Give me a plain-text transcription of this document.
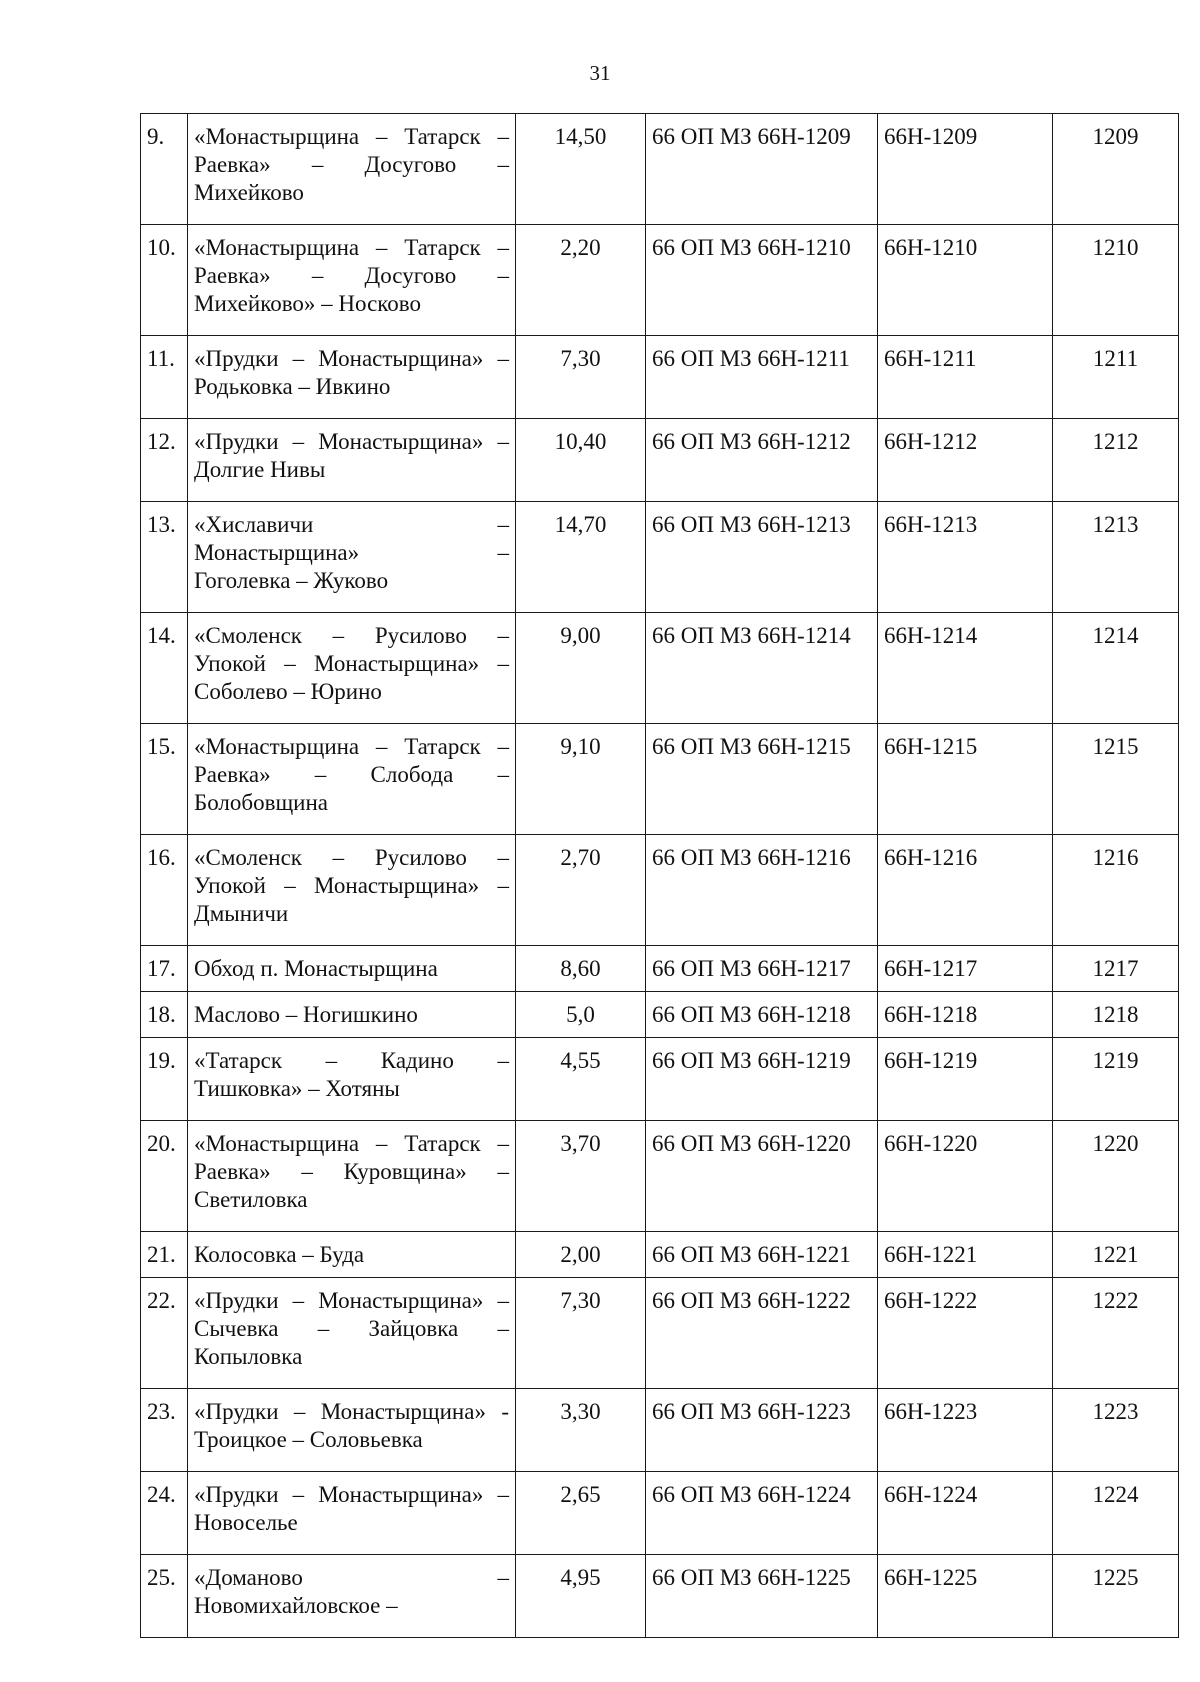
31
9.	«Монастырщина – Татарск –
Раевка» – Досугово –
Михейково	14,50	66 ОП МЗ 66Н-1209	66Н-1209	1209
10.	«Монастырщина – Татарск –
Раевка» – Досугово –
Михейково» – Носково	2,20	66 ОП МЗ 66Н-1210	66Н-1210	1210
11.	«Прудки – Монастырщина» –
Родьковка – Ивкино	7,30	66 ОП МЗ 66Н-1211	66Н-1211	1211
12.	«Прудки – Монастырщина» –
Долгие Нивы	10,40	66 ОП МЗ 66Н-1212	66Н-1212	1212
13.	«Хиславичи –
Монастырщина» –
Гоголевка – Жуково	14,70	66 ОП МЗ 66Н-1213	66Н-1213	1213
14.	«Смоленск – Русилово –
Упокой – Монастырщина» –
Соболево – Юрино	9,00	66 ОП МЗ 66Н-1214	66Н-1214	1214
15.	«Монастырщина – Татарск –
Раевка» – Слобода –
Болобовщина	9,10	66 ОП МЗ 66Н-1215	66Н-1215	1215
16.	«Смоленск – Русилово –
Упокой – Монастырщина» –
Дмыничи	2,70	66 ОП МЗ 66Н-1216	66Н-1216	1216
17.	Обход п. Монастырщина	8,60	66 ОП МЗ 66Н-1217	66Н-1217	1217
18.	Маслово – Ногишкино	5,0	66 ОП МЗ 66Н-1218	66Н-1218	1218
19.	«Татарск – Кадино –
Тишковка» – Хотяны	4,55	66 ОП МЗ 66Н-1219	66Н-1219	1219
20.	«Монастырщина – Татарск –
Раевка» – Куровщина» –
Светиловка	3,70	66 ОП МЗ 66Н-1220	66Н-1220	1220
21.	Колосовка – Буда	2,00	66 ОП МЗ 66Н-1221	66Н-1221	1221
22.	«Прудки – Монастырщина» –
Сычевка – Зайцовка –
Копыловка	7,30	66 ОП МЗ 66Н-1222	66Н-1222	1222
23.	«Прудки – Монастырщина» -
Троицкое – Соловьевка	3,30	66 ОП МЗ 66Н-1223	66Н-1223	1223
24.	«Прудки – Монастырщина» –
Новоселье	2,65	66 ОП МЗ 66Н-1224	66Н-1224	1224
25.	«Доманово –
Новомихайловское –	4,95	66 ОП МЗ 66Н-1225	66Н-1225	1225
